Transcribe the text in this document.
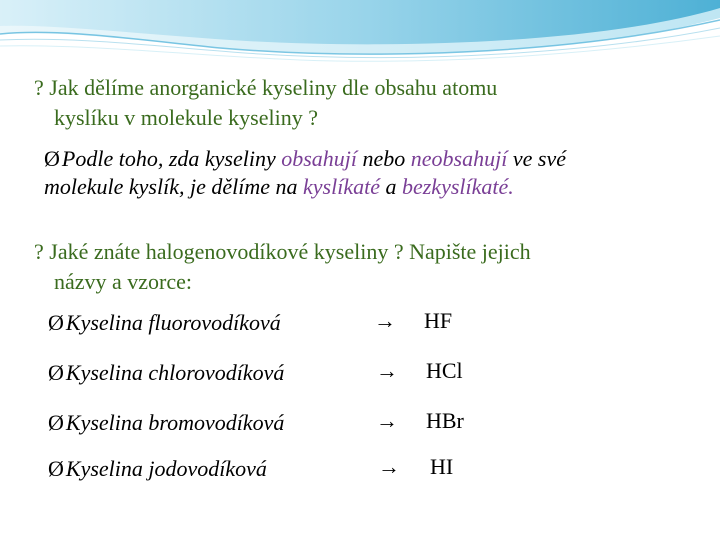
? Jak dělíme anorganické kyseliny dle obsahu atomu
kyslíku v molekule kyseliny ?
ØPodle toho, zda kyseliny obsahují nebo neobsahují ve své
molekule kyslík, je dělíme na kyslíkaté a bezkyslíkaté.
? Jaké znáte halogenovodíkové kyseliny ? Napište jejich
názvy a vzorce:
ØKyselina fluorovodíková	→ HF
ØKyselina chlorovodíková	→ HCl
ØKyselina bromovodíková	→ HBr
ØKyselina jodovodíková	→ HI
